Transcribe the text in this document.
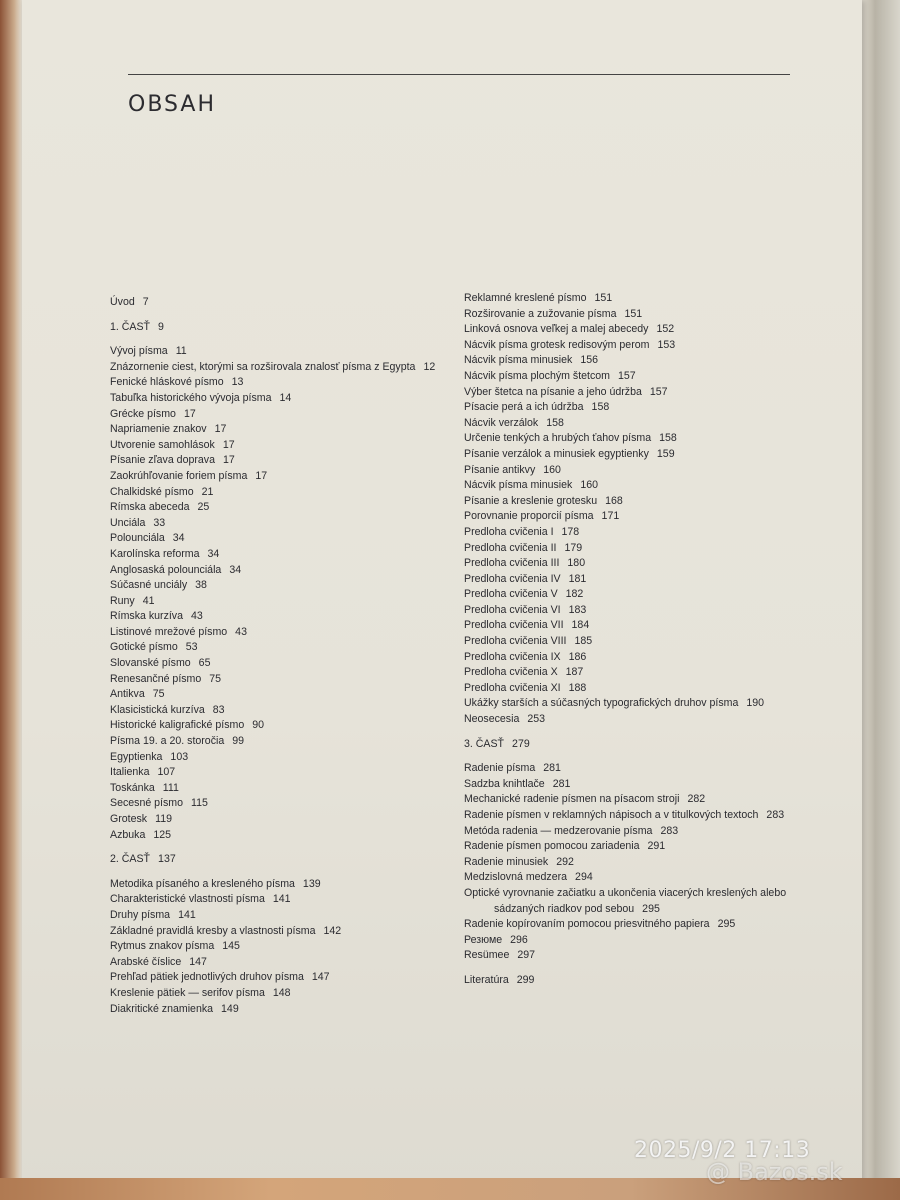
OBSAH
Úvod 7
1. ČASŤ 9
Vývoj písma 11
Znázornenie ciest, ktorými sa rozširovala znalosť písma z Egypta 12
Fenické hláskové písmo 13
Tabuľka historického vývoja písma 14
Grécke písmo 17
Napriamenie znakov 17
Utvorenie samohlások 17
Písanie zľava doprava 17
Zaokrúhľovanie foriem písma 17
Chalkidské písmo 21
Rímska abeceda 25
Unciála 33
Polounciála 34
Karolínska reforma 34
Anglosaská polounciála 34
Súčasné unciály 38
Runy 41
Rímska kurzíva 43
Listinové mrežové písmo 43
Gotické písmo 53
Slovanské písmo 65
Renesančné písmo 75
Antikva 75
Klasicistická kurzíva 83
Historické kaligrafické písmo 90
Písma 19. a 20. storočia 99
Egyptienka 103
Italienka 107
Toskánka 111
Secesné písmo 115
Grotesk 119
Azbuka 125
2. ČASŤ 137
Metodika písaného a kresleného písma 139
Charakteristické vlastnosti písma 141
Druhy písma 141
Základné pravidlá kresby a vlastnosti písma 142
Rytmus znakov písma 145
Arabské číslice 147
Prehľad pätiek jednotlivých druhov písma 147
Kreslenie pätiek — serifov písma 148
Diakritické znamienka 149
Reklamné kreslené písmo 151
Rozširovanie a zužovanie písma 151
Linková osnova veľkej a malej abecedy 152
Nácvik písma grotesk redisovým perom 153
Nácvik písma minusiek 156
Nácvik písma plochým štetcom 157
Výber štetca na písanie a jeho údržba 157
Písacie perá a ich údržba 158
Nácvik verzálok 158
Určenie tenkých a hrubých ťahov písma 158
Písanie verzálok a minusiek egyptienky 159
Písanie antikvy 160
Nácvik písma minusiek 160
Písanie a kreslenie grotesku 168
Porovnanie proporcií písma 171
Predloha cvičenia I 178
Predloha cvičenia II 179
Predloha cvičenia III 180
Predloha cvičenia IV 181
Predloha cvičenia V 182
Predloha cvičenia VI 183
Predloha cvičenia VII 184
Predloha cvičenia VIII 185
Predloha cvičenia IX 186
Predloha cvičenia X 187
Predloha cvičenia XI 188
Ukážky starších a súčasných typografických druhov písma 190
Neosecesia 253
3. ČASŤ 279
Radenie písma 281
Sadzba knihtlače 281
Mechanické radenie písmen na písacom stroji 282
Radenie písmen v reklamných nápisoch a v titulkových textoch 283
Metóda radenia — medzerovanie písma 283
Radenie písmen pomocou zariadenia 291
Radenie minusiek 292
Medzislovná medzera 294
Optické vyrovnanie začiatku a ukončenia viacerých kreslených alebo sádzaných riadkov pod sebou 295
Radenie kopírovaním pomocou priesvitného papiera 295
Резюме 296
Resümee 297
Literatúra 299
2025/9/2 17:13
@ Bazos.sk
